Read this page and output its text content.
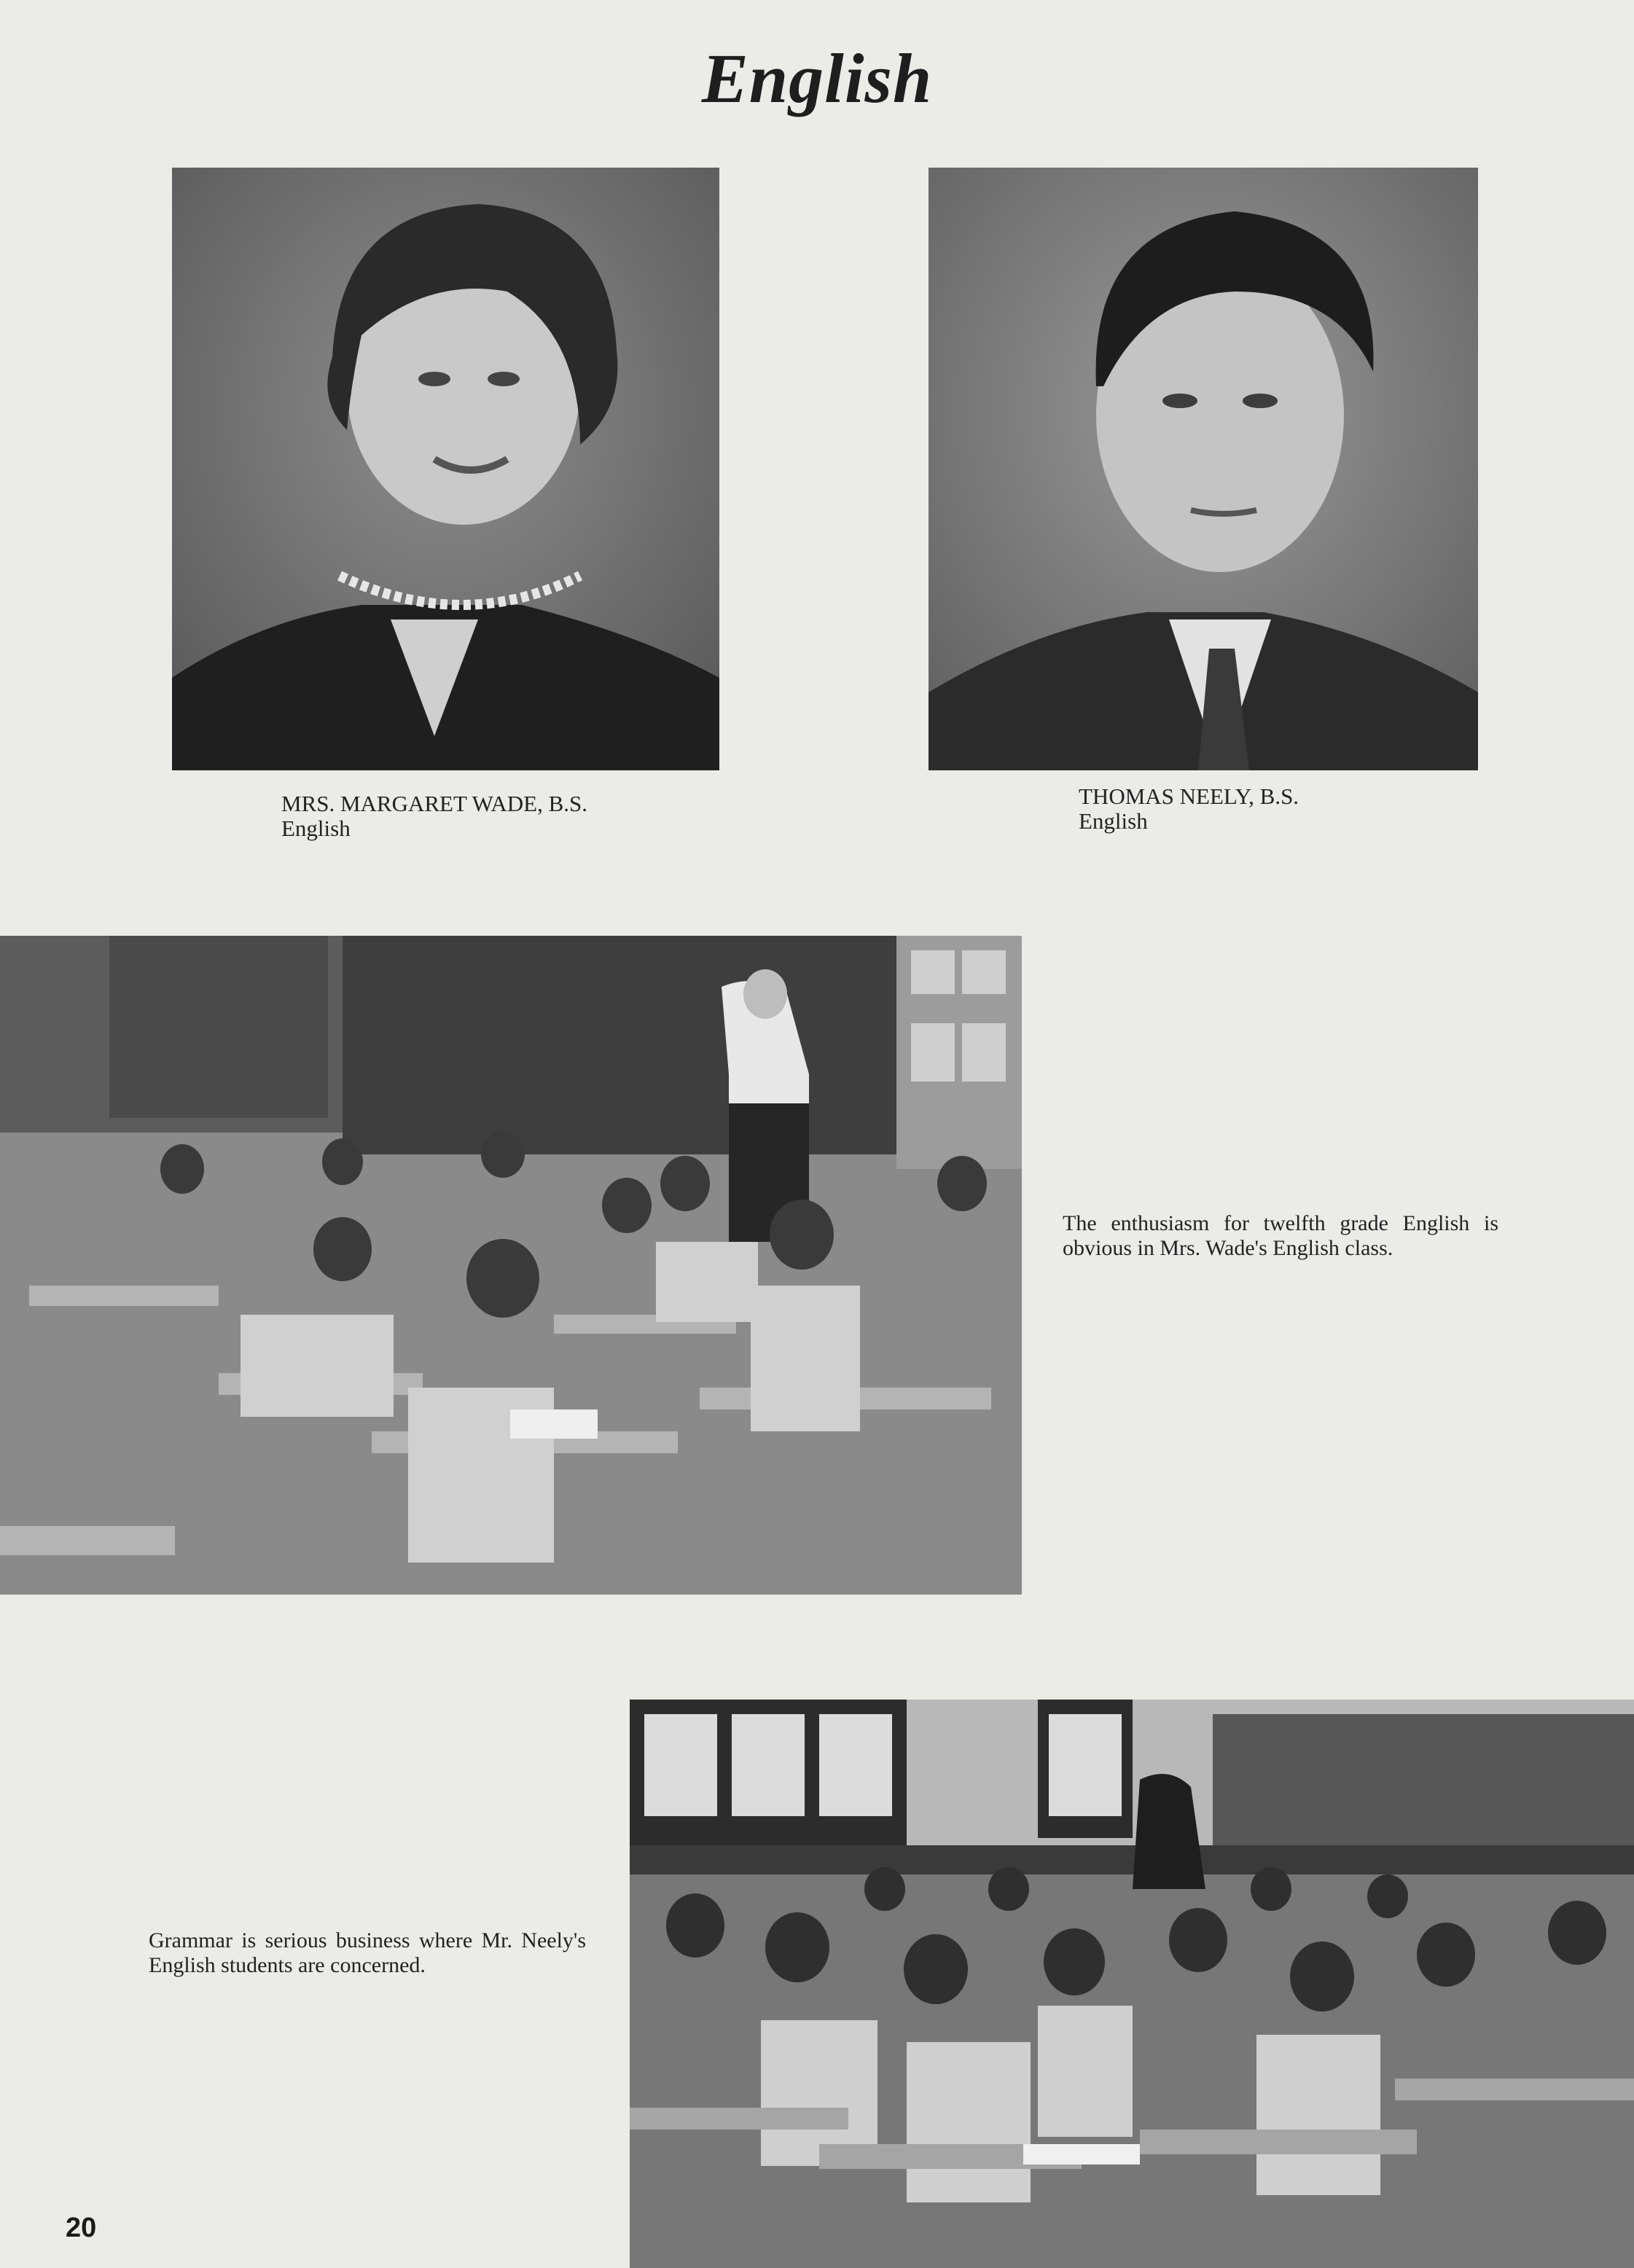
English
MRS. MARGARET WADE, B.S.
English
THOMAS NEELY, B.S.
English
The enthusiasm for twelfth grade English is obvious in Mrs. Wade's English class.
Grammar is serious business where Mr. Neely's English students are concerned.
20
